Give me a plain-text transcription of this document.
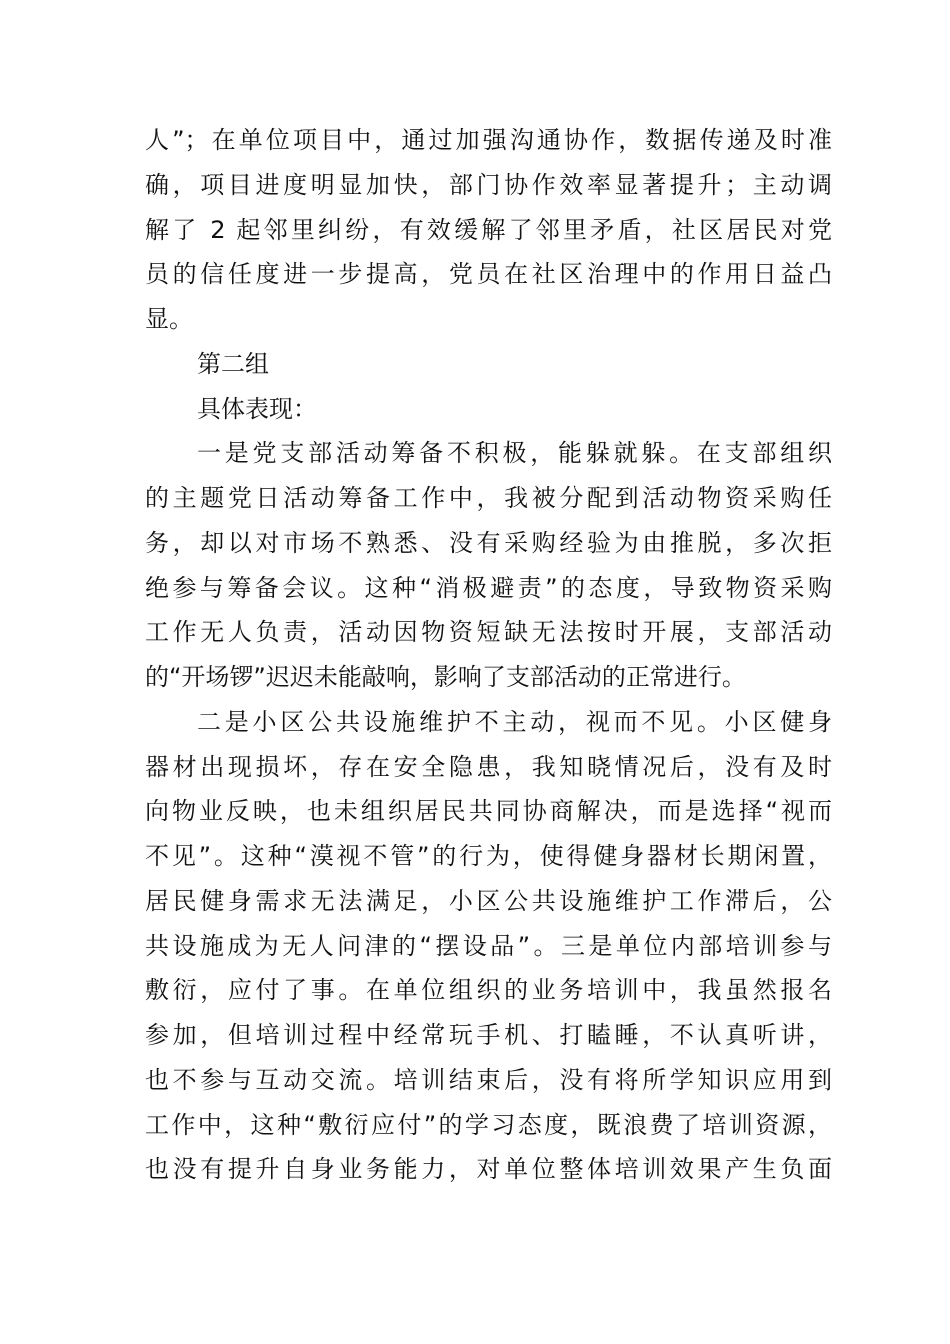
人”；在单位项目中，通过加强沟通协作，数据传递及时准
确，项目进度明显加快，部门协作效率显著提升；主动调
解了 2 起邻里纠纷，有效缓解了邻里矛盾，社区居民对党
员的信任度进一步提高，党员在社区治理中的作用日益凸
显。
第二组
具体表现：
一是党支部活动筹备不积极，能躲就躲。在支部组织
的主题党日活动筹备工作中，我被分配到活动物资采购任
务，却以对市场不熟悉、没有采购经验为由推脱，多次拒
绝参与筹备会议。这种“消极避责”的态度，导致物资采购
工作无人负责，活动因物资短缺无法按时开展，支部活动
的“开场锣”迟迟未能敲响，影响了支部活动的正常进行。
二是小区公共设施维护不主动，视而不见。小区健身
器材出现损坏，存在安全隐患，我知晓情况后，没有及时
向物业反映，也未组织居民共同协商解决，而是选择“视而
不见”。这种“漠视不管”的行为，使得健身器材长期闲置，
居民健身需求无法满足，小区公共设施维护工作滞后，公
共设施成为无人问津的“摆设品”。三是单位内部培训参与
敷衍，应付了事。在单位组织的业务培训中，我虽然报名
参加，但培训过程中经常玩手机、打瞌睡，不认真听讲，
也不参与互动交流。培训结束后，没有将所学知识应用到
工作中，这种“敷衍应付”的学习态度，既浪费了培训资源，
也没有提升自身业务能力，对单位整体培训效果产生负面
